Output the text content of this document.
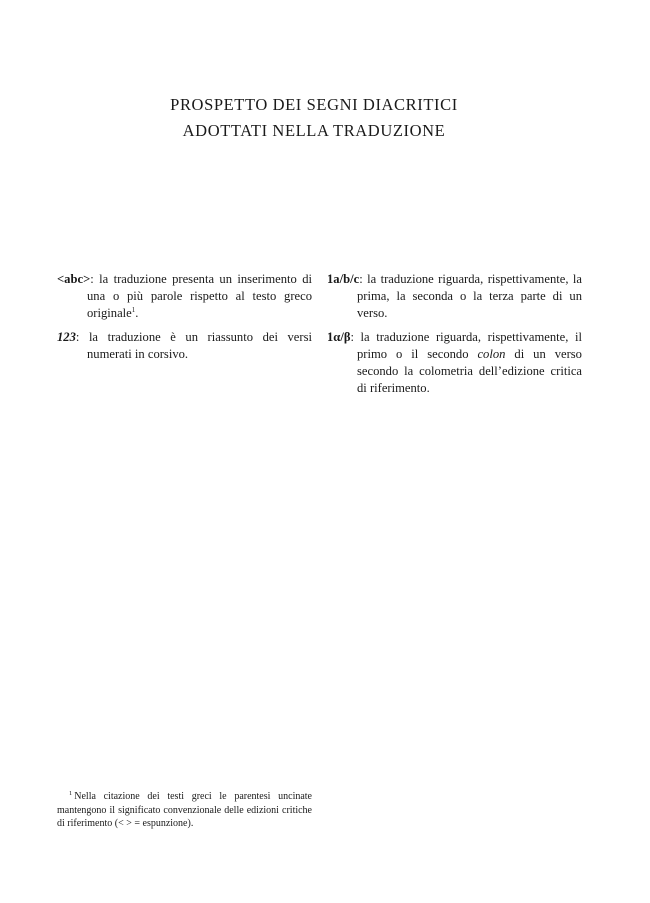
PROSPETTO DEI SEGNI DIACRITICI
ADOTTATI NELLA TRADUZIONE

<abc>: la traduzione presenta un inserimento di una o più parole rispetto al testo greco originale$^1$.

123: la traduzione è un riassunto dei versi numerati in corsivo.

1a/b/c: la traduzione riguarda, rispettivamente, la prima, la seconda o la terza parte di un verso.

1α/β: la traduzione riguarda, rispettivamente, il primo o il secondo colon di un verso secondo la colometria dell’edizione critica di riferimento.

$^1$ Nella citazione dei testi greci le parentesi uncinate mantengono il significato convenzionale delle edizioni critiche di riferimento (< > = espunzione).
